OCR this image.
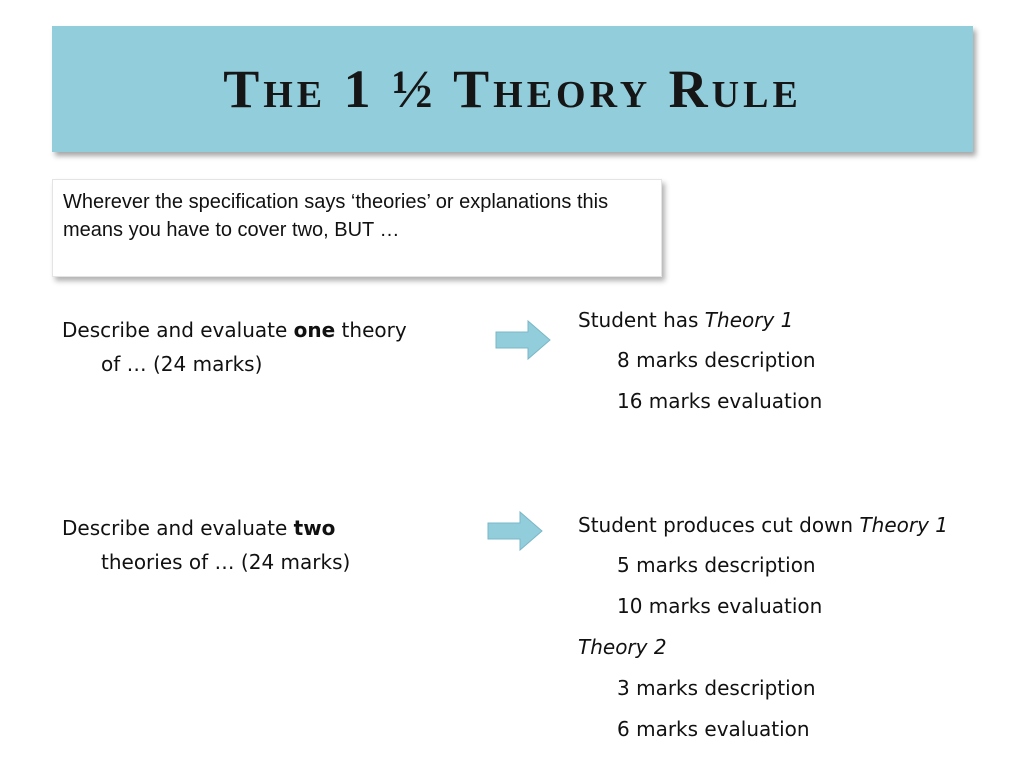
The 1 ½ Theory Rule
Wherever the specification says ‘theories’ or explanations this means you have to cover two, BUT …
Describe and evaluate one theory
of … (24 marks)
Student has Theory 1
8 marks description
16 marks evaluation
Describe and evaluate two
theories of … (24 marks)
Student produces cut down Theory 1
5 marks description
10 marks evaluation
Theory 2
3 marks description
6 marks evaluation
